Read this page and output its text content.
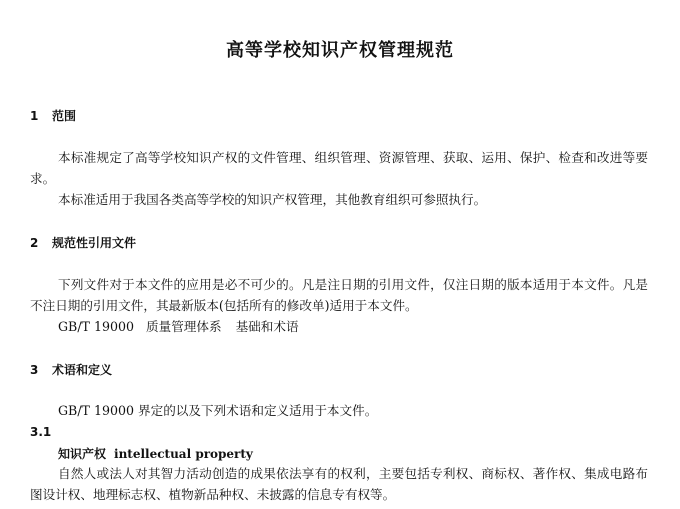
高等学校知识产权管理规范
1 范围
本标准规定了高等学校知识产权的文件管理、组织管理、资源管理、获取、运用、保护、检查和改进等要求。
本标准适用于我国各类高等学校的知识产权管理，其他教育组织可参照执行。
2 规范性引用文件
下列文件对于本文件的应用是必不可少的。凡是注日期的引用文件，仅注日期的版本适用于本文件。凡是不注日期的引用文件，其最新版本(包括所有的修改单)适用于本文件。
GB/T 19000 质量管理体系 基础和术语
3 术语和定义
GB/T 19000 界定的以及下列术语和定义适用于本文件。
3.1
知识产权 intellectual property
自然人或法人对其智力活动创造的成果依法享有的权利，主要包括专利权、商标权、著作权、集成电路布图设计权、地理标志权、植物新品种权、未披露的信息专有权等。
